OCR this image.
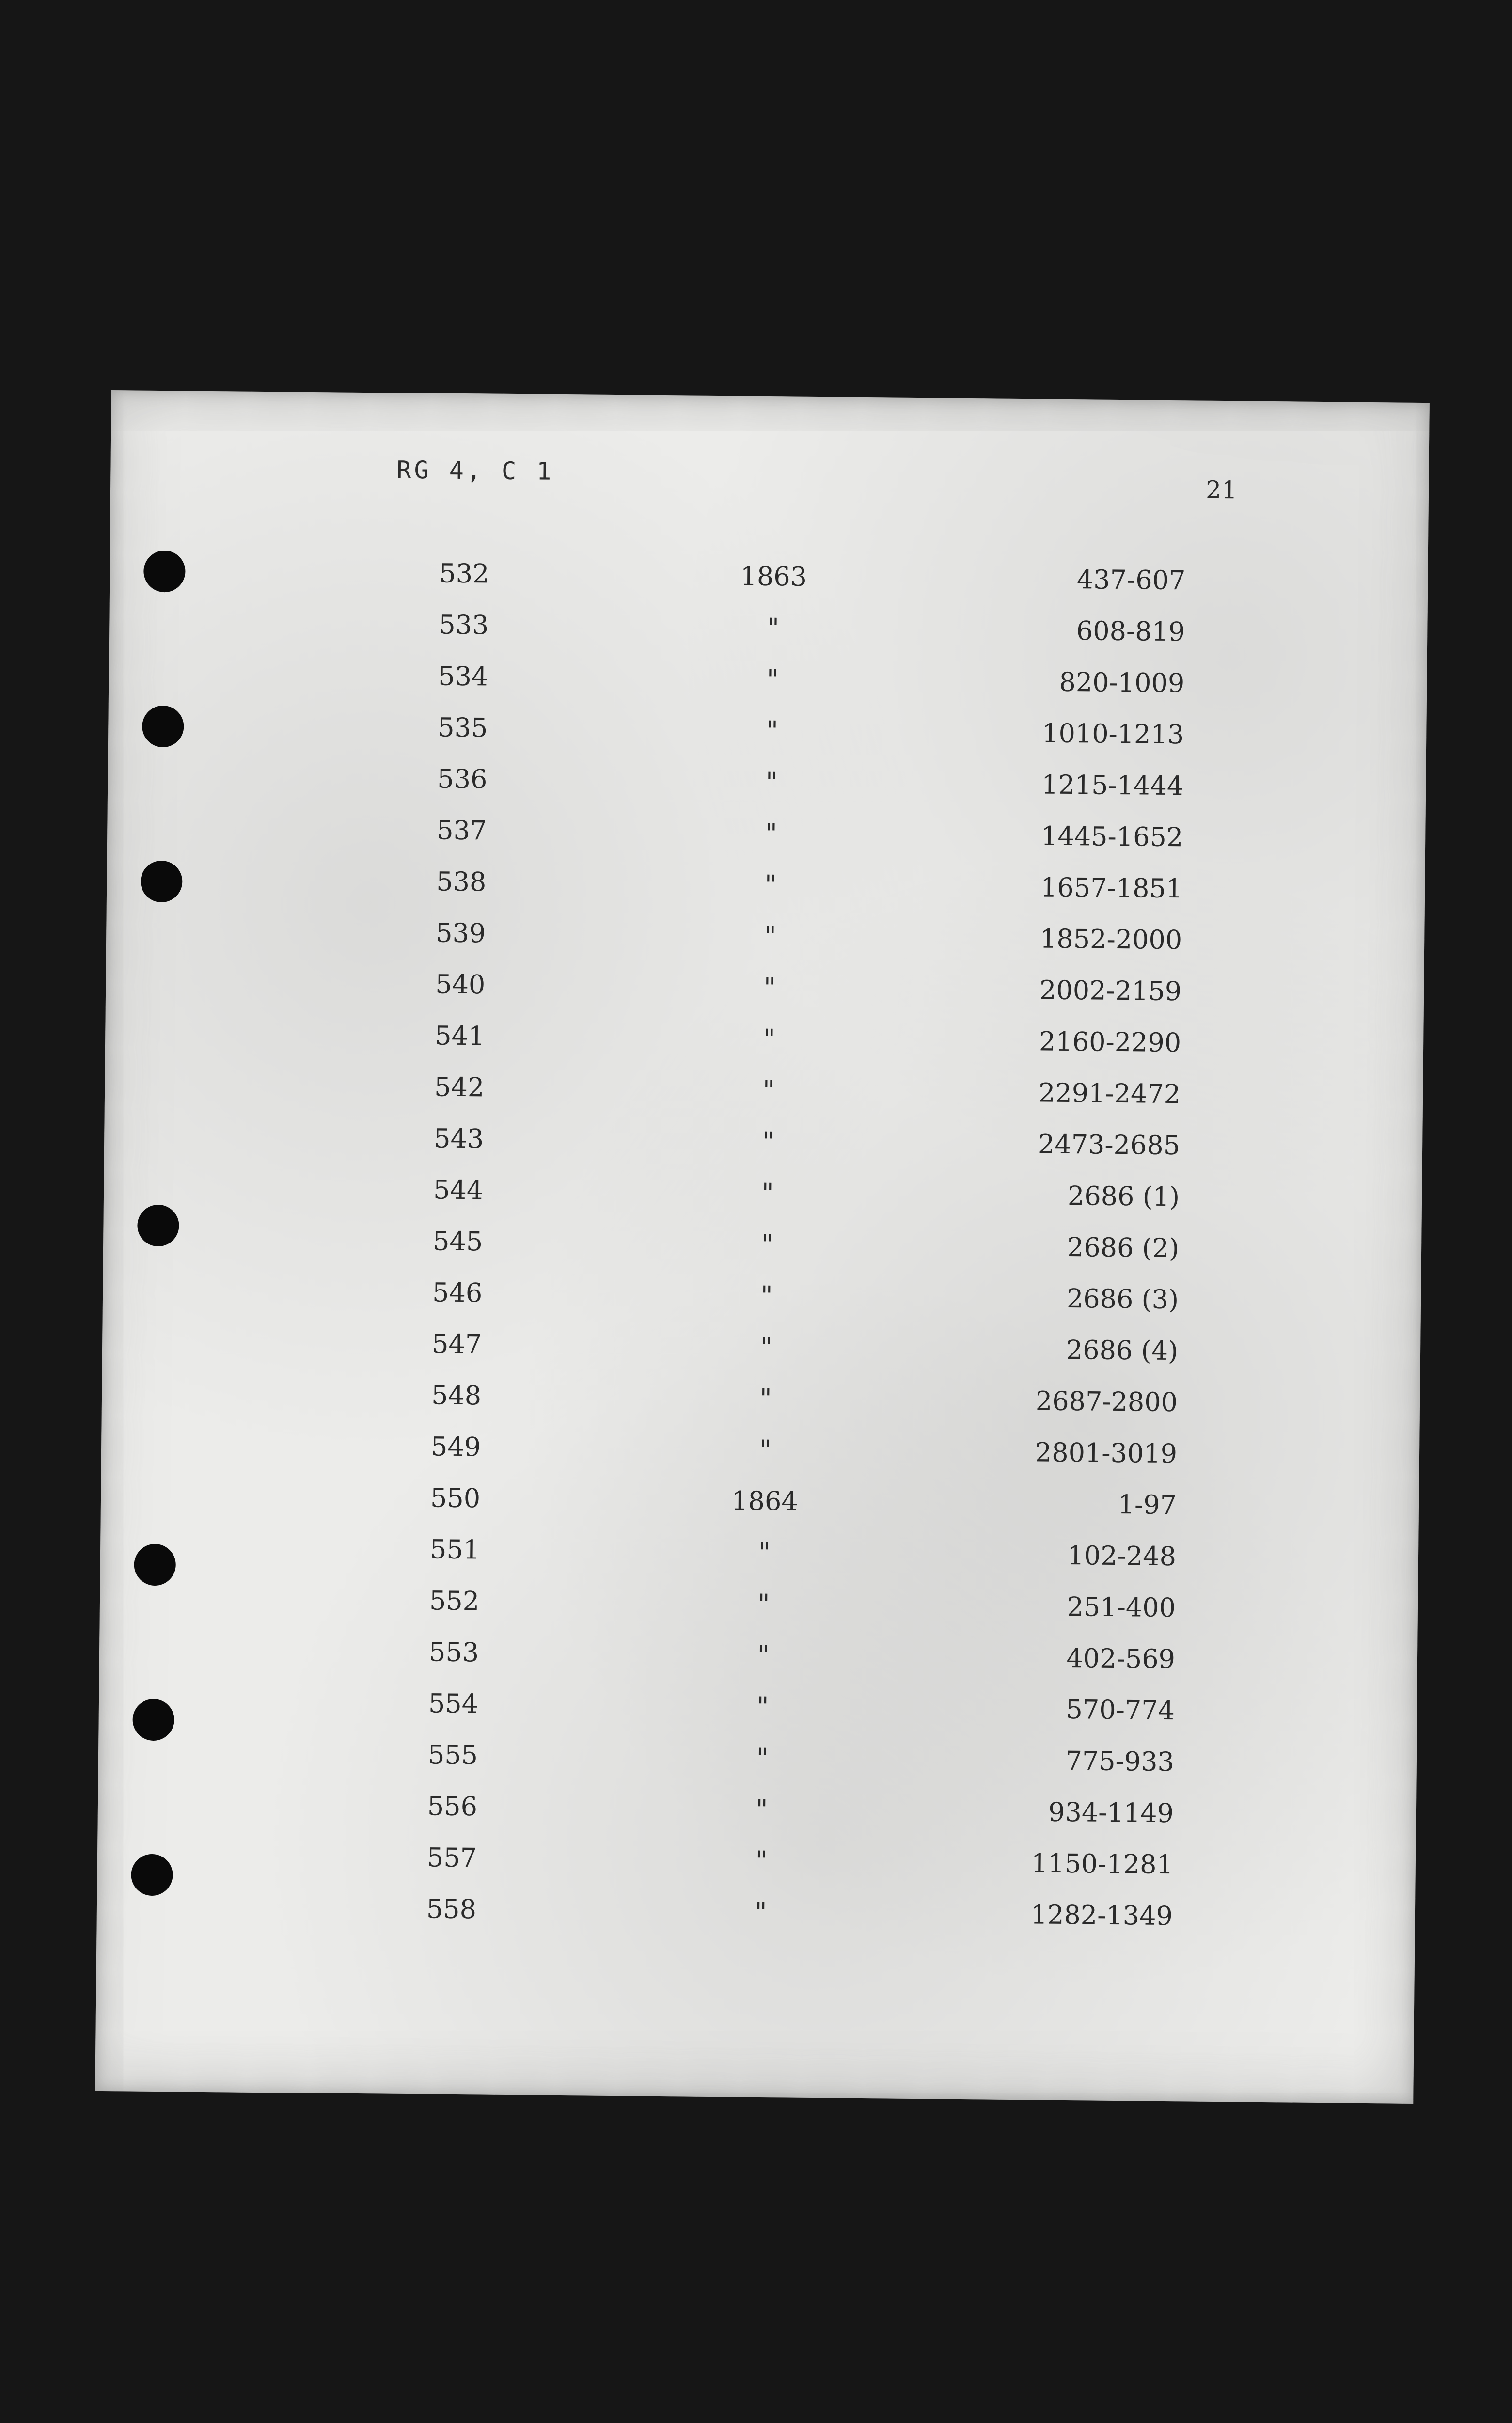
RG 4, C 1
21
532	1863	437-607
533	"	608-819
534	"	820-1009
535	"	1010-1213
536	"	1215-1444
537	"	1445-1652
538	"	1657-1851
539	"	1852-2000
540	"	2002-2159
541	"	2160-2290
542	"	2291-2472
543	"	2473-2685
544	"	2686 (1)
545	"	2686 (2)
546	"	2686 (3)
547	"	2686 (4)
548	"	2687-2800
549	"	2801-3019
550	1864	1-97
551	"	102-248
552	"	251-400
553	"	402-569
554	"	570-774
555	"	775-933
556	"	934-1149
557	"	1150-1281
558	"	1282-1349
